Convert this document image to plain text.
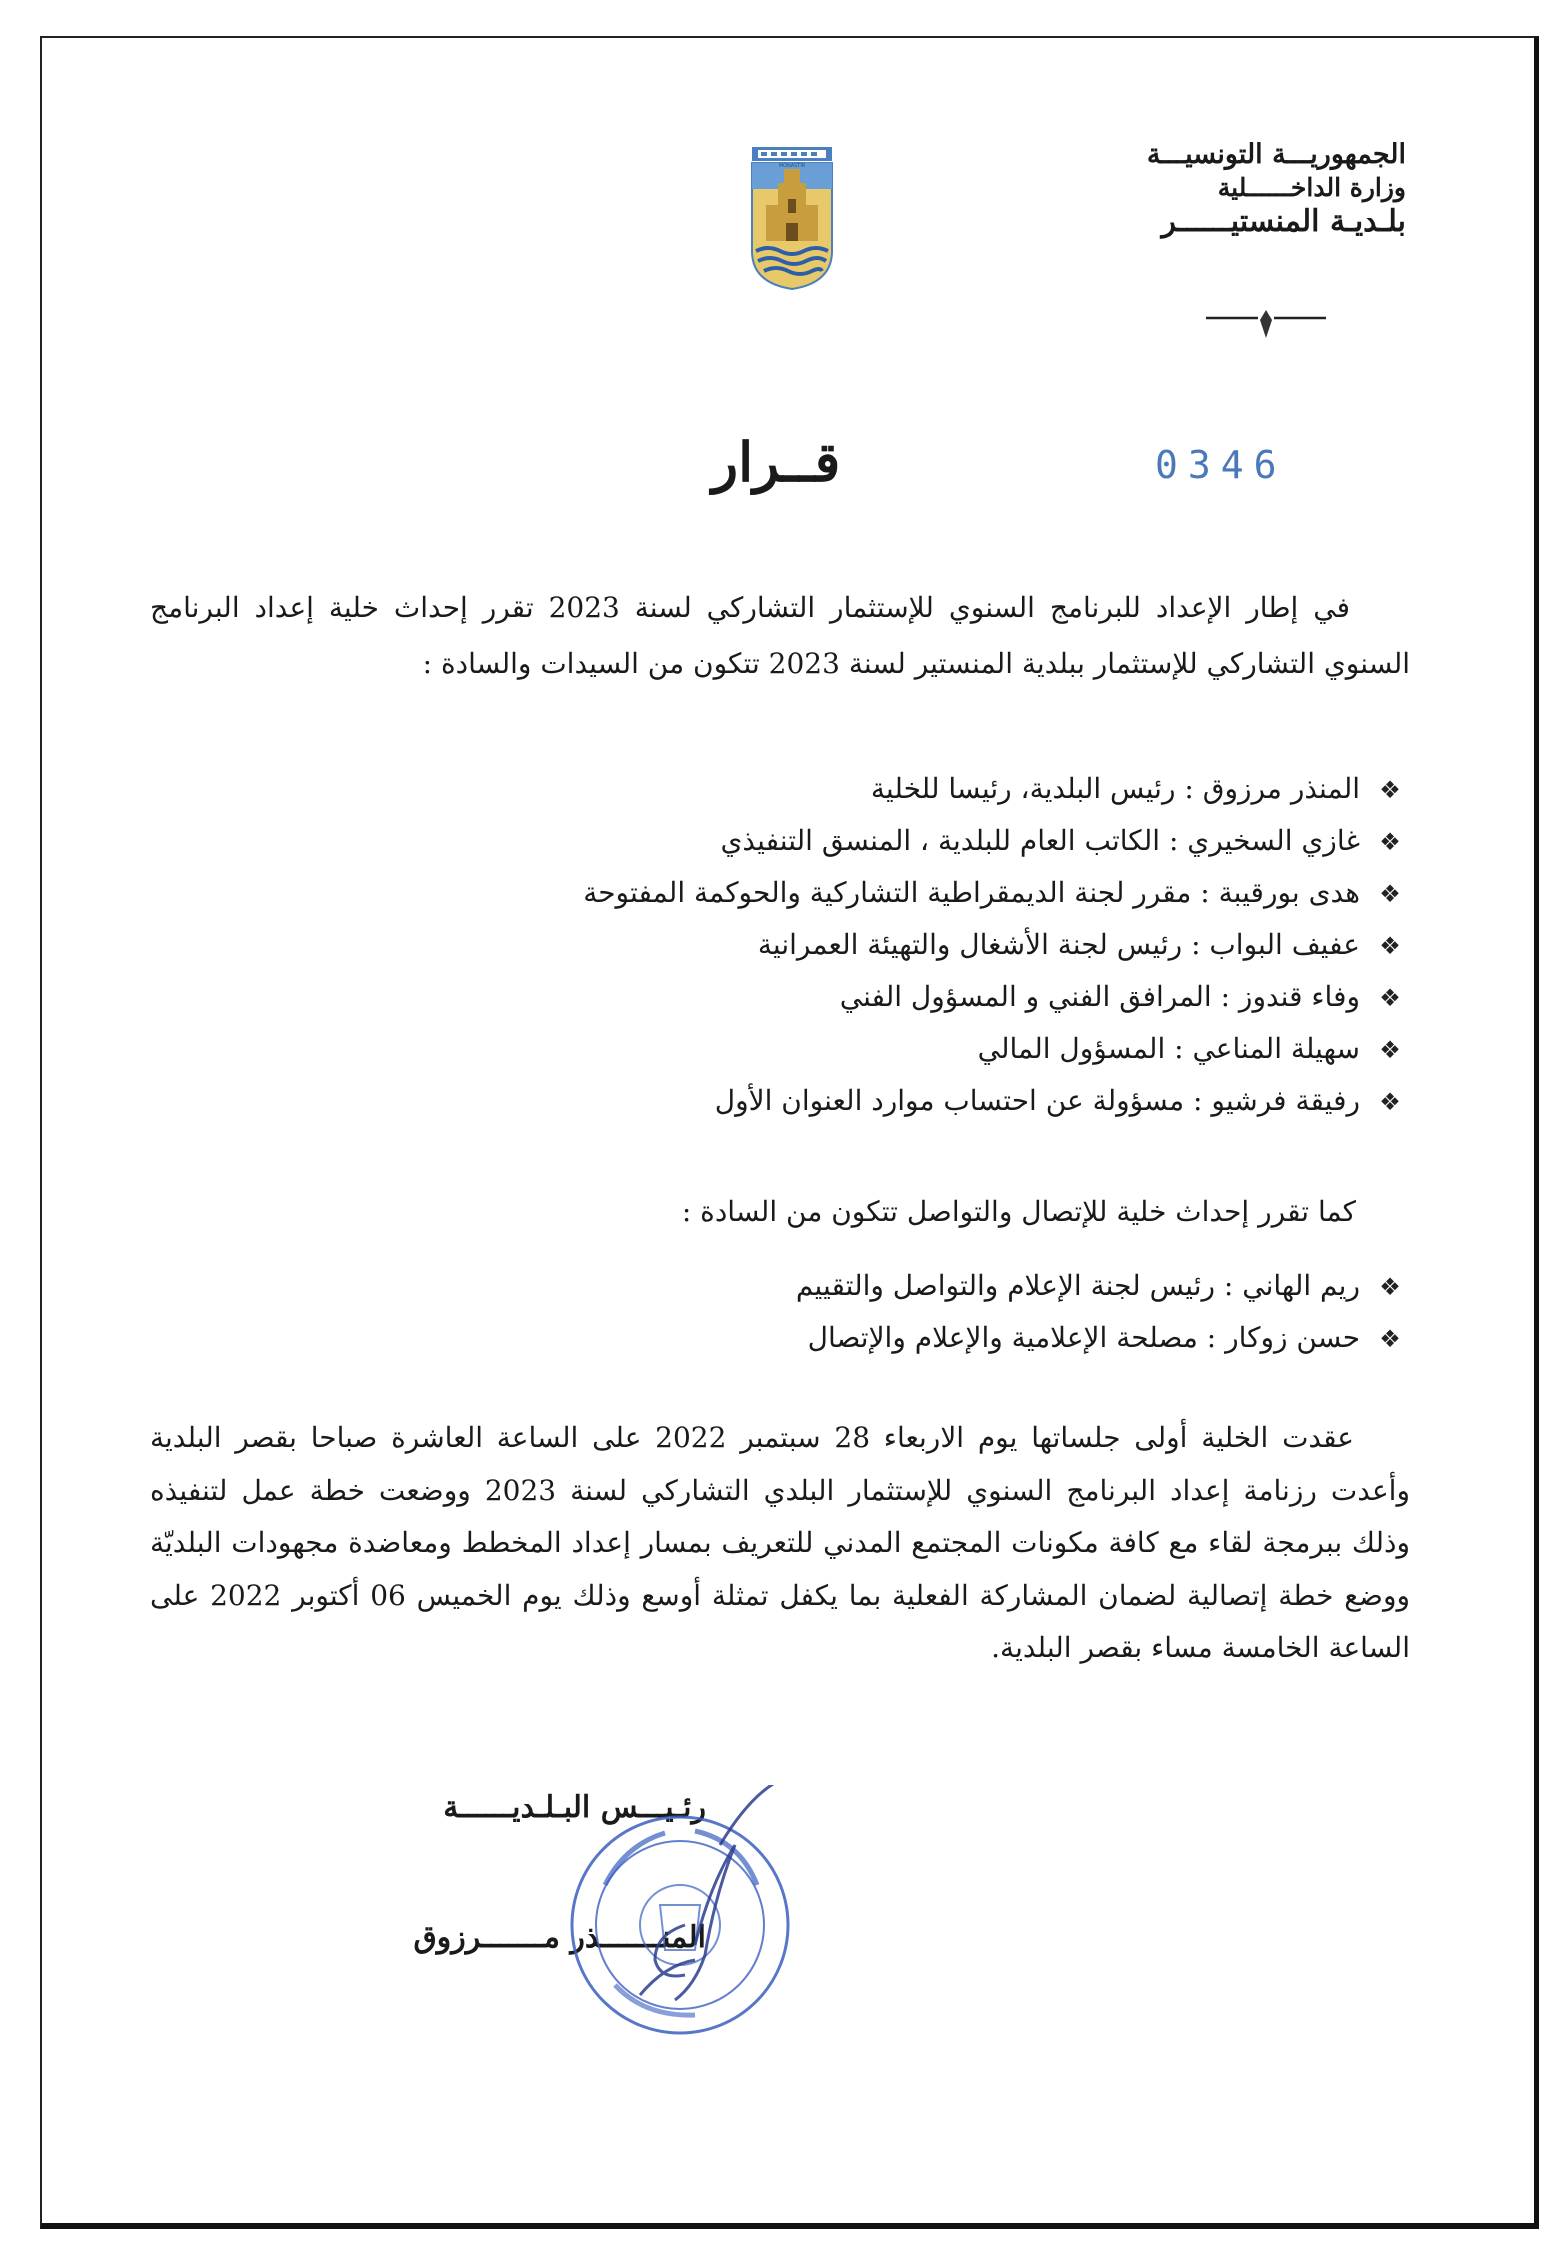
الجمهوريـــة التونسيـــة
وزارة الداخــــــلية
بلـديـة المنستيــــــر
MONASTIR
0346
قــرار
في إطار الإعداد للبرنامج السنوي للإستثمار التشاركي لسنة 2023 تقرر إحداث خلية إعداد البرنامج السنوي التشاركي للإستثمار ببلدية المنستير لسنة 2023 تتكون من السيدات والسادة :
❖المنذر مرزوق : رئيس البلدية، رئيسا للخلية
❖غازي السخيري : الكاتب العام للبلدية ، المنسق التنفيذي
❖هدى بورقيبة : مقرر لجنة الديمقراطية التشاركية والحوكمة المفتوحة
❖عفيف البواب : رئيس لجنة الأشغال والتهيئة العمرانية
❖وفاء قندوز : المرافق الفني و المسؤول الفني
❖سهيلة المناعي : المسؤول المالي
❖رفيقة فرشيو : مسؤولة عن احتساب موارد العنوان الأول
كما تقرر إحداث خلية للإتصال والتواصل تتكون من السادة :
❖ريم الهاني : رئيس لجنة الإعلام والتواصل والتقييم
❖حسن زوكار : مصلحة الإعلامية والإعلام والإتصال
عقدت الخلية أولى جلساتها يوم الاربعاء 28 سبتمبر 2022 على الساعة العاشرة صباحا بقصر البلدية وأعدت رزنامة إعداد البرنامج السنوي للإستثمار البلدي التشاركي لسنة 2023 ووضعت خطة عمل لتنفيذه وذلك ببرمجة لقاء مع كافة مكونات المجتمع المدني للتعريف بمسار إعداد المخطط ومعاضدة مجهودات البلديّة ووضع خطة إتصالية لضمان المشاركة الفعلية بما يكفل تمثلة أوسع وذلك يوم الخميس 06 أكتوبر 2022 على الساعة الخامسة مساء بقصر البلدية.
رئـيـــس البـلـديــــــة
المنـــــــذر مـــــــرزوق
